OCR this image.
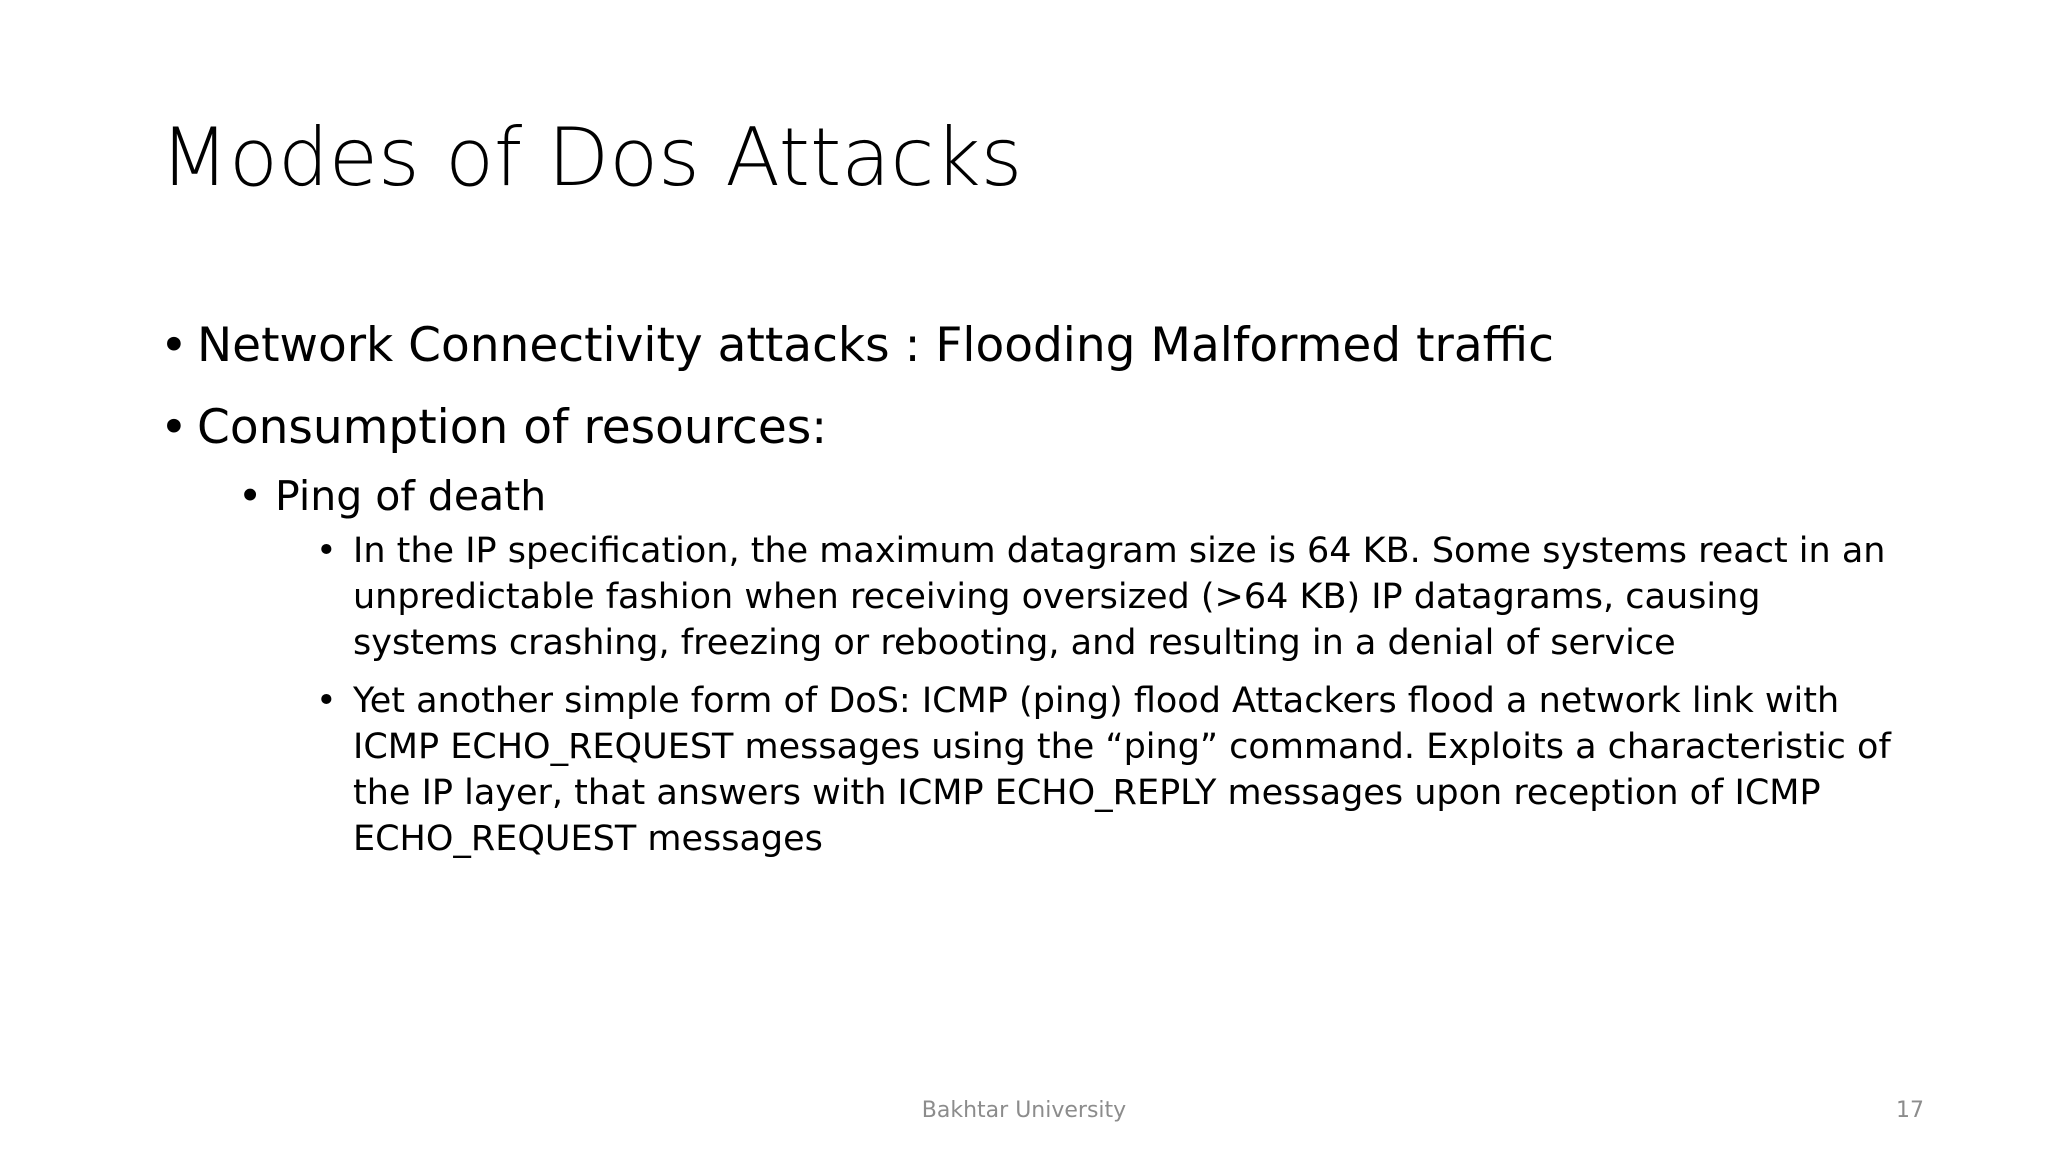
Modes of Dos Attacks
• Network Connectivity attacks : Flooding Malformed traffic
• Consumption of resources:
• Ping of death
• In the IP specification, the maximum datagram size is 64 KB. Some systems react in an unpredictable fashion when receiving oversized (>64 KB) IP datagrams, causing systems crashing, freezing or rebooting, and resulting in a denial of service
• Yet another simple form of DoS: ICMP (ping) flood Attackers flood a network link with ICMP ECHO_REQUEST messages using the “ping” command. Exploits a characteristic of the IP layer, that answers with ICMP ECHO_REPLY messages upon reception of ICMP ECHO_REQUEST messages
Bakhtar University	17
